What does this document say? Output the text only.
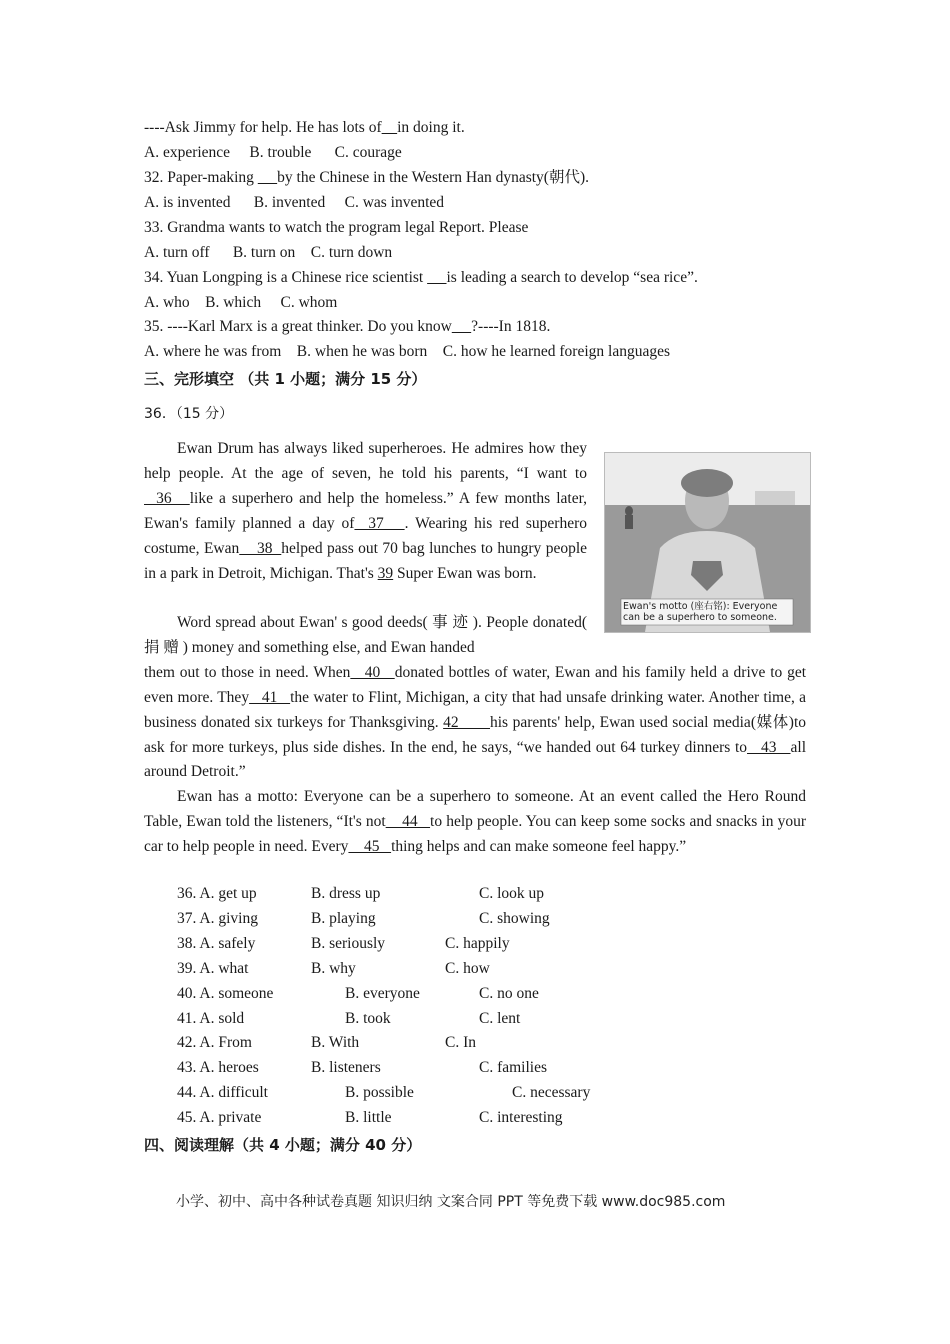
----Ask Jimmy for help. He has lots of in doing it.
A. experience     B. trouble      C. courage
32. Paper-making      by the Chinese in the Western Han dynasty(朝代).
A. is invented      B. invented     C. was invented
33. Grandma wants to watch the program legal Report. Please
A. turn off      B. turn on    C. turn down
34. Yuan Longping is a Chinese rice scientist      is leading a search to develop “sea rice”.
A. who    B. which     C. whom
35. ----Karl Marx is a great thinker. Do you know ?----In 1818.
A. where he was from    B. when he was born    C. how he learned foreign languages
三、完形填空 （共 1 小题；满分 15 分）
36．（15 分）
Ewan Drum has always liked superheroes. He admires how they help people. At the age of seven, he told his parents, “I want to   36   like a superhero and help the homeless.” A few months later, Ewan's family planned a day of  37   . Wearing his red superhero costume, Ewan    38  helped pass out 70 bag lunches to hungry people in a park in Detroit, Michigan. That's 39 Super Ewan was born.
Ewan's motto (座右铭): Everyone can be a superhero to someone.
Word spread about Ewan' s good deeds( 事 迹 ). People donated( 捐 赠 ) money and something else, and Ewan handed
them out to those in need. When   40   donated bottles of water, Ewan and his family held a drive to get even more. They   41   the water to Flint, Michigan, a city that had unsafe drinking water. Another time, a business donated six turkeys for Thanksgiving. 42       his parents' help, Ewan used social media(媒体)to ask for more turkeys, plus side dishes. In the end, he says, “we handed out 64 turkey dinners to   43   all around Detroit.”
Ewan has a motto: Everyone can be a superhero to someone. At an event called the Hero Round Table, Ewan told the listeners, “It's not    44   to help people. You can keep some socks and snacks in your car to help people in need. Every    45   thing helps and can make someone feel happy.”
36. A. get up	B. dress up	C. look up
37. A. giving	B. playing	C. showing
38. A. safely	B. seriously	C. happily
39. A. what	B. why	C. how
40. A. someone	B. everyone	C. no one
41. A. sold	B. took	C. lent
42. A. From	B. With	C. In
43. A. heroes	B. listeners	C. families
44. A. difficult	B. possible	C. necessary
45. A. private	B. little	C. interesting
四、阅读理解（共 4 小题；满分 40 分）
小学、初中、高中各种试卷真题 知识归纳 文案合同 PPT 等免费下载 www.doc985.com
